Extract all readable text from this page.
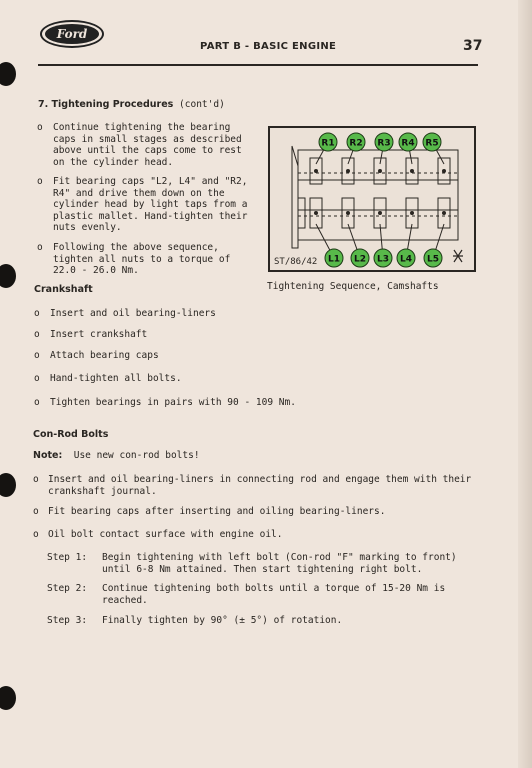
Ford
PART B - BASIC ENGINE	37
7. Tightening Procedures (cont'd)
o Continue tightening the bearing
caps in small stages as described
above until the caps come to rest
on the cylinder head.
o Fit bearing caps "L2, L4" and "R2,
R4" and drive them down on the
cylinder head by light taps from a
plastic mallet. Hand-tighten their
nuts evenly.
o Following the above sequence,
tighten all nuts to a torque of
22.0 - 26.0 Nm.
R1 R2 R3 R4 R5
L1 L2 L3 L4 L5
ST/86/42
Tightening Sequence, Camshafts
Crankshaft
o Insert and oil bearing-liners
o Insert crankshaft
o Attach bearing caps
o Hand-tighten all bolts.
o Tighten bearings in pairs with 90 - 109 Nm.
Con-Rod Bolts
Note: Use new con-rod bolts!
o Insert and oil bearing-liners in connecting rod and engage them with their
crankshaft journal.
o Fit bearing caps after inserting and oiling bearing-liners.
o Oil bolt contact surface with engine oil.
Step 1: Begin tightening with left bolt (Con-rod "F" marking to front)
until 6-8 Nm attained. Then start tightening right bolt.
Step 2: Continue tightening both bolts until a torque of 15-20 Nm is
reached.
Step 3: Finally tighten by 90° (± 5°) of rotation.
